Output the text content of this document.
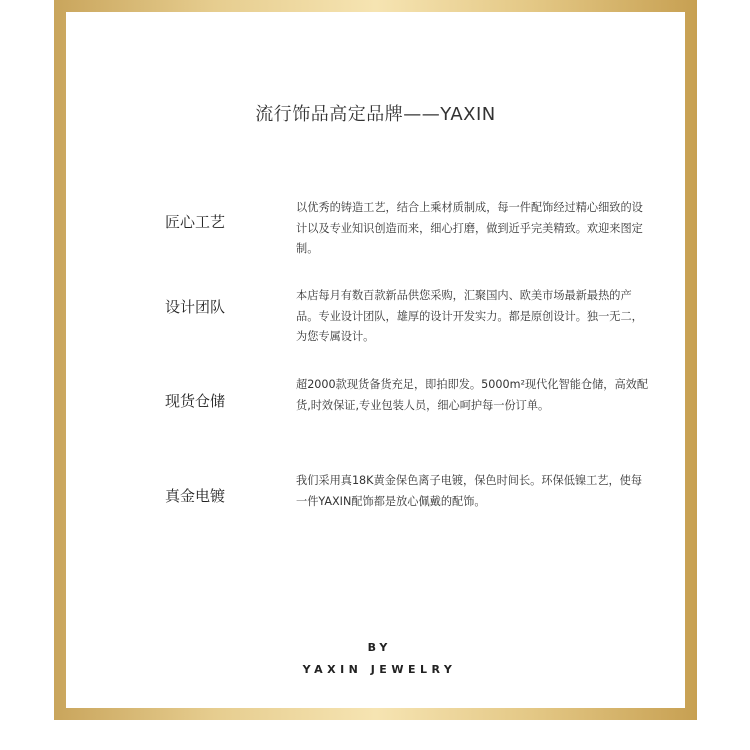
流行饰品高定品牌——YAXIN
匠心工艺

以优秀的铸造工艺，结合上乘材质制成，每一件配饰经过精心细致的设计以及专业知识创造而来，细心打磨，做到近乎完美精致。欢迎来图定制。

设计团队

本店每月有数百款新品供您采购，汇聚国内、欧美市场最新最热的产品。专业设计团队，雄厚的设计开发实力。都是原创设计。独一无二，为您专属设计。

现货仓储

超2000款现货备货充足，即拍即发。5000m²现代化智能仓储，高效配货,时效保证,专业包装人员，细心呵护每一份订单。

真金电镀

我们采用真18K黄金保色离子电镀，保色时间长。环保低镍工艺，使每一件YAXIN配饰都是放心佩戴的配饰。

BY
YAXIN JEWELRY
